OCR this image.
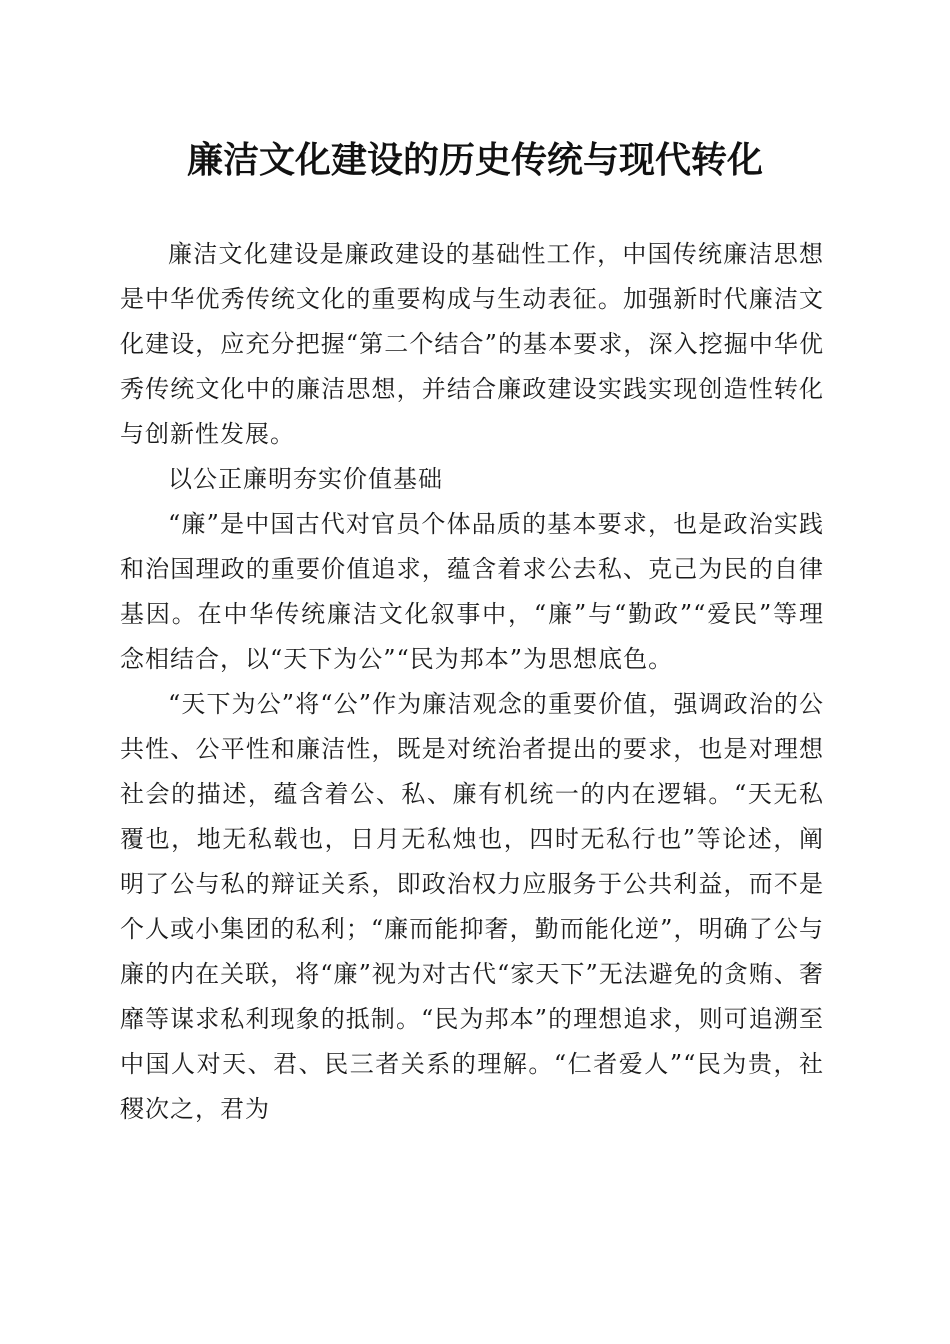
廉洁文化建设的历史传统与现代转化

廉洁文化建设是廉政建设的基础性工作，中国传统廉洁思想是中华优秀传统文化的重要构成与生动表征。加强新时代廉洁文化建设，应充分把握“第二个结合”的基本要求，深入挖掘中华优秀传统文化中的廉洁思想，并结合廉政建设实践实现创造性转化与创新性发展。

以公正廉明夯实价值基础

“廉”是中国古代对官员个体品质的基本要求，也是政治实践和治国理政的重要价值追求，蕴含着求公去私、克己为民的自律基因。在中华传统廉洁文化叙事中，“廉”与“勤政”“爱民”等理念相结合，以“天下为公”“民为邦本”为思想底色。

“天下为公”将“公”作为廉洁观念的重要价值，强调政治的公共性、公平性和廉洁性，既是对统治者提出的要求，也是对理想社会的描述，蕴含着公、私、廉有机统一的内在逻辑。“天无私覆也，地无私载也，日月无私烛也，四时无私行也”等论述，阐明了公与私的辩证关系，即政治权力应服务于公共利益，而不是个人或小集团的私利；“廉而能抑奢，勤而能化逆”，明确了公与廉的内在关联，将“廉”视为对古代“家天下”无法避免的贪贿、奢靡等谋求私利现象的抵制。“民为邦本”的理想追求，则可追溯至中国人对天、君、民三者关系的理解。“仁者爱人”“民为贵，社稷次之，君为
